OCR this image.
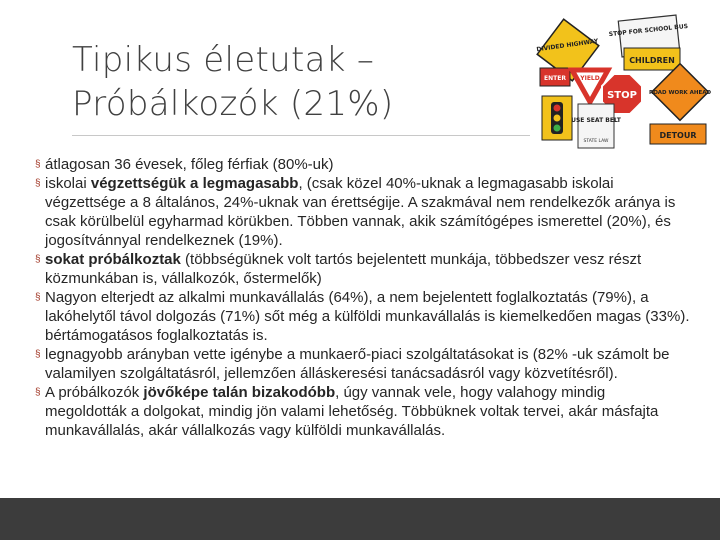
Tipikus életutak –
Próbálkozók (21%)
DIVIDED HIGHWAY
STOP FOR SCHOOL BUS
CHILDREN
ENTER YIELD
STOP ROAD WORK AHEAD
USE SEAT BELT
STATE LAW
DETOUR

§ átlagosan 36 évesek, főleg férfiak (80%-uk)

§ iskolai végzettségük a legmagasabb, (csak közel 40%-uknak a legmagasabb iskolai végzettsége a 8 általános, 24%-uknak van érettségije. A szakmával nem rendelkezők aránya is csak körülbelül egyharmad körükben. Többen vannak, akik számítógépes ismerettel (20%), és jogosítvánnyal rendelkeznek (19%).

§ sokat próbálkoztak (többségüknek volt tartós bejelentett munkája, többedszer vesz részt közmunkában is, vállalkozók, őstermelők)

§ Nagyon elterjedt az alkalmi munkavállalás (64%), a nem bejelentett foglalkoztatás (79%), a lakóhelytől távol dolgozás (71%) sőt még a külföldi munkavállalás is kiemelkedően magas (33%). bértámogatásos foglalkoztatás is.

§ legnagyobb arányban vette igénybe a munkaerő-piaci szolgáltatásokat is (82% -uk számolt be valamilyen szolgáltatásról, jellemzően álláskeresési tanácsadásról vagy közvetítésről).

§ A próbálkozók jövőképe talán bizakodóbb, úgy vannak vele, hogy valahogy mindig megoldották a dolgokat, mindig jön valami lehetőség. Többüknek voltak tervei, akár másfajta munkavállalás, akár vállalkozás vagy külföldi munkavállalás.
